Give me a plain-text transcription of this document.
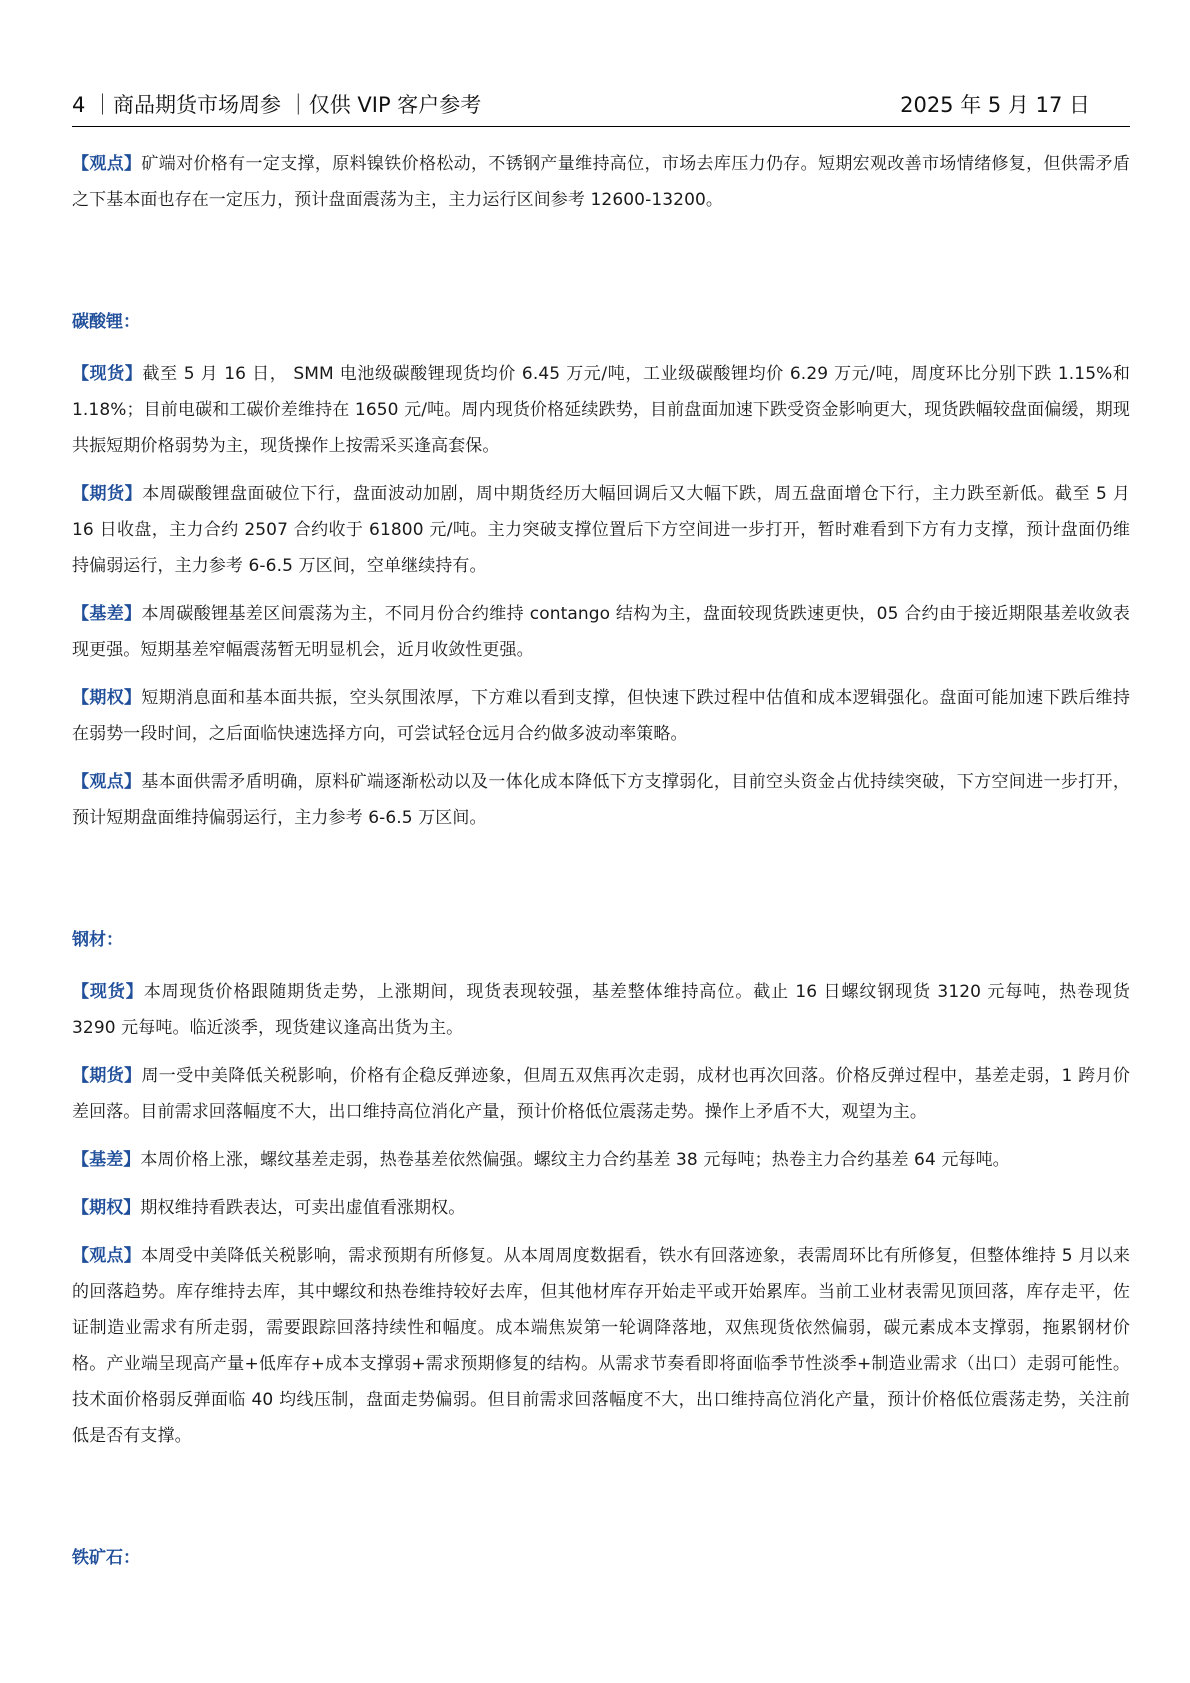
4 ｜商品期货市场周参 ｜仅供 VIP 客户参考	2025 年 5 月 17 日

【观点】矿端对价格有一定支撑，原料镍铁价格松动，不锈钢产量维持高位，市场去库压力仍存。短期宏观改善市场情绪修复，但供需矛盾之下基本面也存在一定压力，预计盘面震荡为主，主力运行区间参考 12600-13200。

碳酸锂：

【现货】截至 5 月 16 日， SMM 电池级碳酸锂现货均价 6.45 万元/吨，工业级碳酸锂均价 6.29 万元/吨，周度环比分别下跌 1.15%和 1.18%；目前电碳和工碳价差维持在 1650 元/吨。周内现货价格延续跌势，目前盘面加速下跌受资金影响更大，现货跌幅较盘面偏缓，期现共振短期价格弱势为主，现货操作上按需采买逢高套保。

【期货】本周碳酸锂盘面破位下行，盘面波动加剧，周中期货经历大幅回调后又大幅下跌，周五盘面增仓下行，主力跌至新低。截至 5 月 16 日收盘，主力合约 2507 合约收于 61800 元/吨。主力突破支撑位置后下方空间进一步打开，暂时难看到下方有力支撑，预计盘面仍维持偏弱运行，主力参考 6-6.5 万区间，空单继续持有。

【基差】本周碳酸锂基差区间震荡为主，不同月份合约维持 contango 结构为主，盘面较现货跌速更快，05 合约由于接近期限基差收敛表现更强。短期基差窄幅震荡暂无明显机会，近月收敛性更强。

【期权】短期消息面和基本面共振，空头氛围浓厚，下方难以看到支撑，但快速下跌过程中估值和成本逻辑强化。盘面可能加速下跌后维持在弱势一段时间，之后面临快速选择方向，可尝试轻仓远月合约做多波动率策略。

【观点】基本面供需矛盾明确，原料矿端逐渐松动以及一体化成本降低下方支撑弱化，目前空头资金占优持续突破，下方空间进一步打开，预计短期盘面维持偏弱运行，主力参考 6-6.5 万区间。

钢材：

【现货】本周现货价格跟随期货走势，上涨期间，现货表现较强，基差整体维持高位。截止 16 日螺纹钢现货 3120 元每吨，热卷现货 3290 元每吨。临近淡季，现货建议逢高出货为主。

【期货】周一受中美降低关税影响，价格有企稳反弹迹象，但周五双焦再次走弱，成材也再次回落。价格反弹过程中，基差走弱，1 跨月价差回落。目前需求回落幅度不大，出口维持高位消化产量，预计价格低位震荡走势。操作上矛盾不大，观望为主。

【基差】本周价格上涨，螺纹基差走弱，热卷基差依然偏强。螺纹主力合约基差 38 元每吨；热卷主力合约基差 64 元每吨。

【期权】期权维持看跌表达，可卖出虚值看涨期权。

【观点】本周受中美降低关税影响，需求预期有所修复。从本周周度数据看，铁水有回落迹象，表需周环比有所修复，但整体维持 5 月以来的回落趋势。库存维持去库，其中螺纹和热卷维持较好去库，但其他材库存开始走平或开始累库。当前工业材表需见顶回落，库存走平，佐证制造业需求有所走弱，需要跟踪回落持续性和幅度。成本端焦炭第一轮调降落地，双焦现货依然偏弱，碳元素成本支撑弱，拖累钢材价格。产业端呈现高产量+低库存+成本支撑弱+需求预期修复的结构。从需求节奏看即将面临季节性淡季+制造业需求（出口）走弱可能性。技术面价格弱反弹面临 40 均线压制，盘面走势偏弱。但目前需求回落幅度不大，出口维持高位消化产量，预计价格低位震荡走势，关注前低是否有支撑。

铁矿石：
